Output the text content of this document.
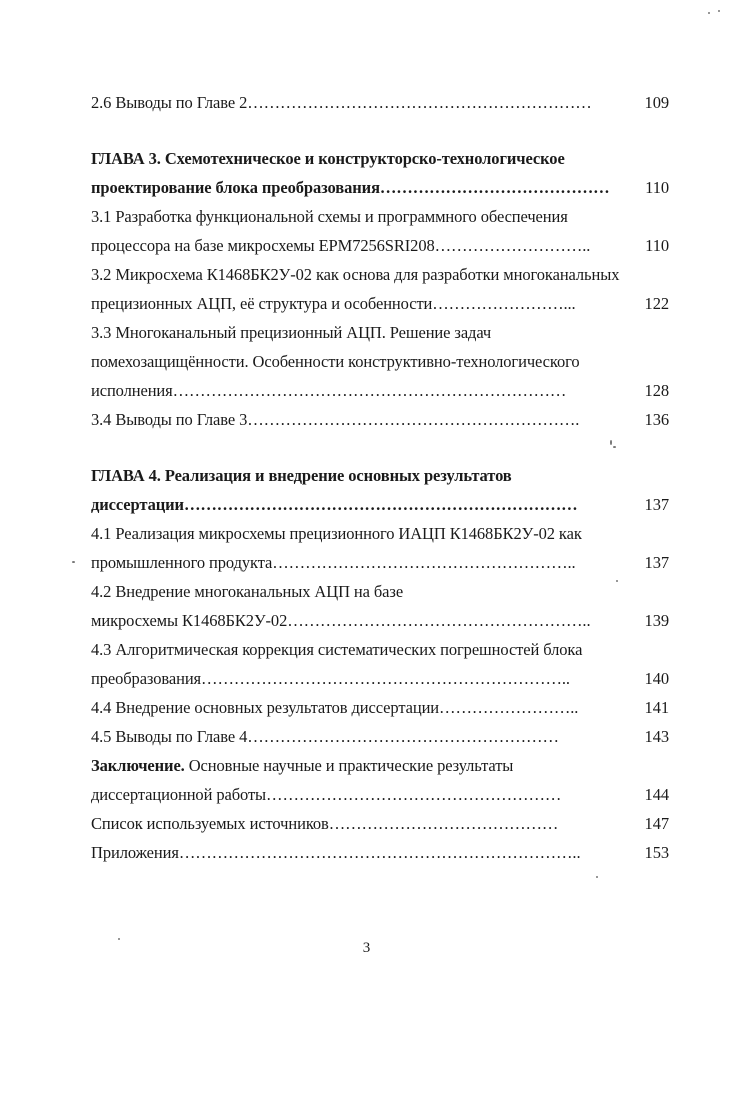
2.6 Выводы по Главе 2………………………………………………………	109
ГЛАВА 3. Схемотехническое и конструкторско-технологическое
проектирование блока преобразования…………………………………… 110
3.1 Разработка функциональной схемы и программного обеспечения
процессора на базе микросхемы EPM7256SRI208………………………..	110
3.2 Микросхема К1468БК2У-02 как основа для разработки многоканальных
прецизионных АЦП, её структура и особенности……………………...	122
3.3 Многоканальный прецизионный АЦП. Решение задач
помехозащищённости. Особенности конструктивно-технологического
исполнения………………………………………………………………	128
3.4 Выводы по Главе 3…………………………………………………….	136
ГЛАВА 4. Реализация и внедрение основных результатов
диссертации………………………………………………………………	137
4.1 Реализация микросхемы прецизионного ИАЦП К1468БК2У-02 как
промышленного продукта………………………………………………..	137
4.2 Внедрение многоканальных АЦП на базе
микросхемы К1468БК2У-02………………………………………………..	139
4.3 Алгоритмическая коррекция систематических погрешностей блока
преобразования…………………………………………………………..	140
4.4 Внедрение основных результатов диссертации……………………..	141
4.5 Выводы по Главе 4…………………………………………………	143
Заключение. Основные научные и практические результаты
диссертационной работы………………………………………………	144
Список используемых источников……………………………………	147
Приложения………………………………………………………………..	153
3
